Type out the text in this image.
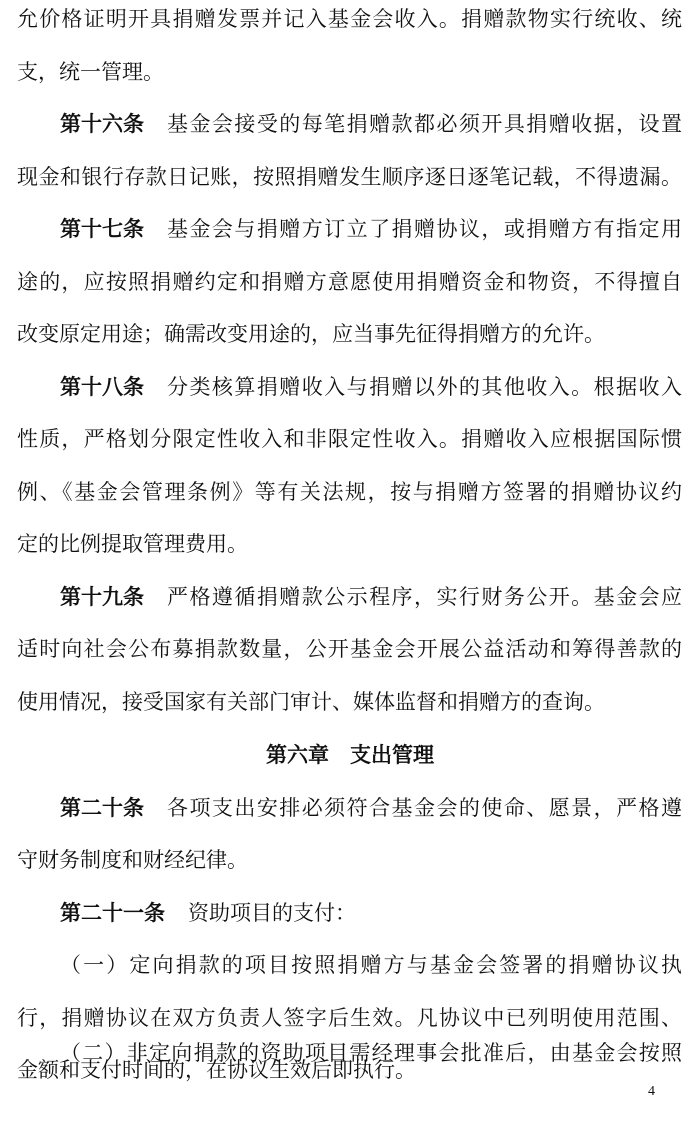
允价格证明开具捐赠发票并记入基金会收入。捐赠款物实行统收、统
支，统一管理。
第十六条 基金会接受的每笔捐赠款都必须开具捐赠收据，设置
现金和银行存款日记账，按照捐赠发生顺序逐日逐笔记载，不得遗漏。
第十七条 基金会与捐赠方订立了捐赠协议，或捐赠方有指定用
途的，应按照捐赠约定和捐赠方意愿使用捐赠资金和物资，不得擅自
改变原定用途；确需改变用途的，应当事先征得捐赠方的允许。
第十八条 分类核算捐赠收入与捐赠以外的其他收入。根据收入
性质，严格划分限定性收入和非限定性收入。捐赠收入应根据国际惯
例、《基金会管理条例》等有关法规，按与捐赠方签署的捐赠协议约
定的比例提取管理费用。
第十九条 严格遵循捐赠款公示程序，实行财务公开。基金会应
适时向社会公布募捐款数量，公开基金会开展公益活动和筹得善款的
使用情况，接受国家有关部门审计、媒体监督和捐赠方的查询。
第六章　支出管理
第二十条 各项支出安排必须符合基金会的使命、愿景，严格遵
守财务制度和财经纪律。
第二十一条 资助项目的支付：
（一）定向捐款的项目按照捐赠方与基金会签署的捐赠协议执
行，捐赠协议在双方负责人签字后生效。凡协议中已列明使用范围、
金额和支付时间的，在协议生效后即执行。
4
（二）非定向捐款的资助项目需经理事会批准后，由基金会按照
